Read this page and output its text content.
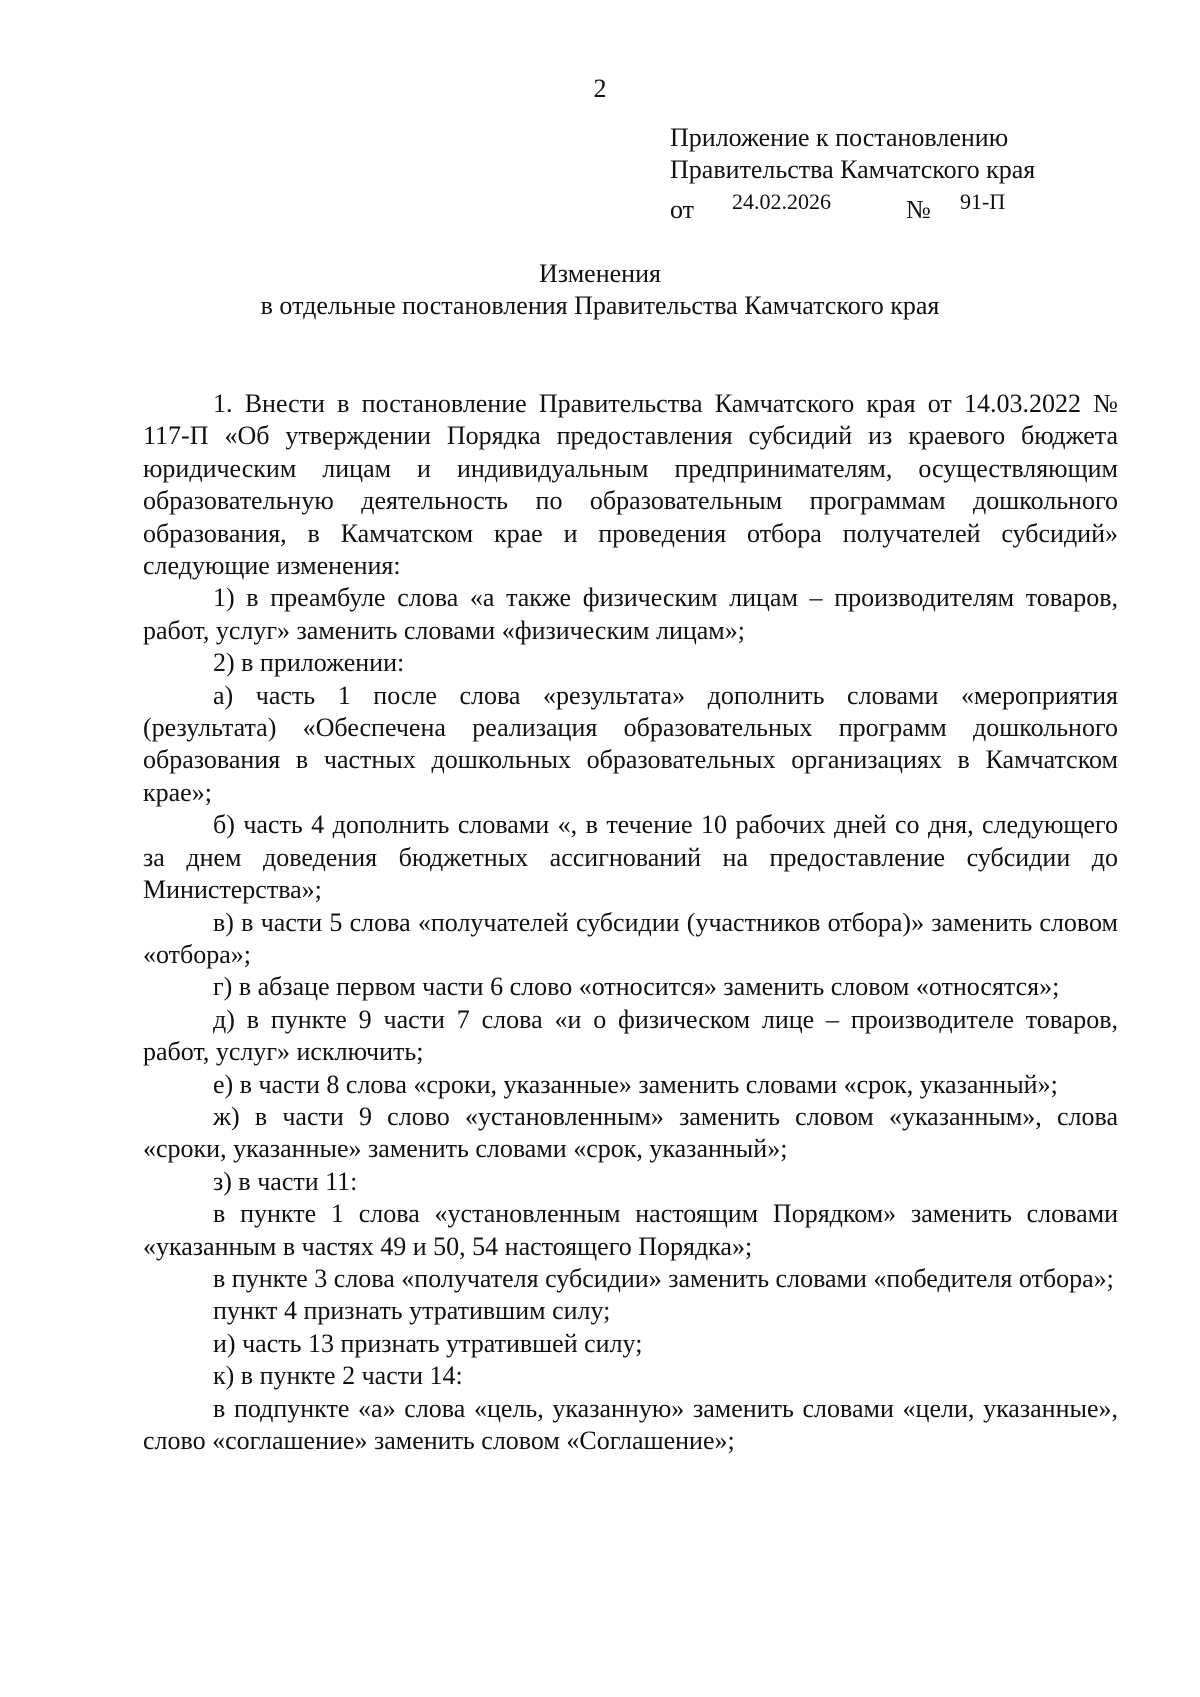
2
Приложение к постановлению
Правительства Камчатского края
от 24.02.2026	№ 91-П
Изменения
в отдельные постановления Правительства Камчатского края

1. Внести в постановление Правительства Камчатского края от 14.03.2022 № 117-П «Об утверждении Порядка предоставления субсидий из краевого бюджета юридическим лицам и индивидуальным предпринимателям, осуществляющим образовательную деятельность по образовательным программам дошкольного образования, в Камчатском крае и проведения отбора получателей субсидий» следующие изменения:

1) в преамбуле слова «а также физическим лицам – производителям товаров, работ, услуг» заменить словами «физическим лицам»;

2) в приложении:

а) часть 1 после слова «результата» дополнить словами «мероприятия (результата) «Обеспечена реализация образовательных программ дошкольного образования в частных дошкольных образовательных организациях в Камчатском крае»;

б) часть 4 дополнить словами «, в течение 10 рабочих дней со дня, следующего за днем доведения бюджетных ассигнований на предоставление субсидии до Министерства»;

в) в части 5 слова «получателей субсидии (участников отбора)» заменить словом «отбора»;

г) в абзаце первом части 6 слово «относится» заменить словом «относятся»;

д) в пункте 9 части 7 слова «и о физическом лице – производителе товаров, работ, услуг» исключить;

е) в части 8 слова «сроки, указанные» заменить словами «срок, указанный»;

ж) в части 9 слово «установленным» заменить словом «указанным», слова «сроки, указанные» заменить словами «срок, указанный»;

з) в части 11:

в пункте 1 слова «установленным настоящим Порядком» заменить словами «указанным в частях 49 и 50, 54 настоящего Порядка»;

в пункте 3 слова «получателя субсидии» заменить словами «победителя отбора»;

пункт 4 признать утратившим силу;

и) часть 13 признать утратившей силу;

к) в пункте 2 части 14:

в подпункте «а» слова «цель, указанную» заменить словами «цели, указанные», слово «соглашение» заменить словом «Соглашение»;
